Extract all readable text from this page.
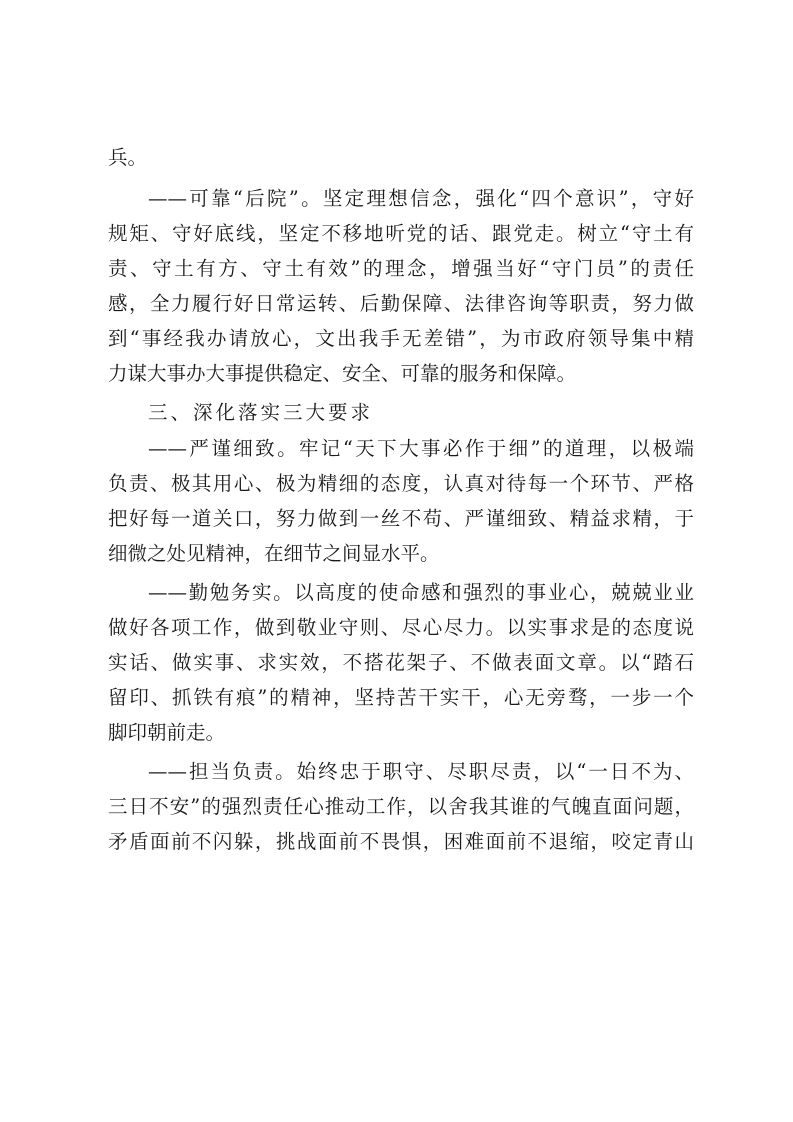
兵。
——可靠“后院”。坚定理想信念，强化“四个意识”，守好
规矩、守好底线，坚定不移地听党的话、跟党走。树立“守土有
责、守土有方、守土有效”的理念，增强当好“守门员”的责任
感，全力履行好日常运转、后勤保障、法律咨询等职责，努力做
到“事经我办请放心，文出我手无差错”，为市政府领导集中精
力谋大事办大事提供稳定、安全、可靠的服务和保障。
三、深化落实三大要求
——严谨细致。牢记“天下大事必作于细”的道理，以极端
负责、极其用心、极为精细的态度，认真对待每一个环节、严格
把好每一道关口，努力做到一丝不苟、严谨细致、精益求精，于
细微之处见精神，在细节之间显水平。
——勤勉务实。以高度的使命感和强烈的事业心，兢兢业业
做好各项工作，做到敬业守则、尽心尽力。以实事求是的态度说
实话、做实事、求实效，不搭花架子、不做表面文章。以“踏石
留印、抓铁有痕”的精神，坚持苦干实干，心无旁骛，一步一个
脚印朝前走。
——担当负责。始终忠于职守、尽职尽责，以“一日不为、
三日不安”的强烈责任心推动工作，以舍我其谁的气魄直面问题，
矛盾面前不闪躲，挑战面前不畏惧，困难面前不退缩，咬定青山
